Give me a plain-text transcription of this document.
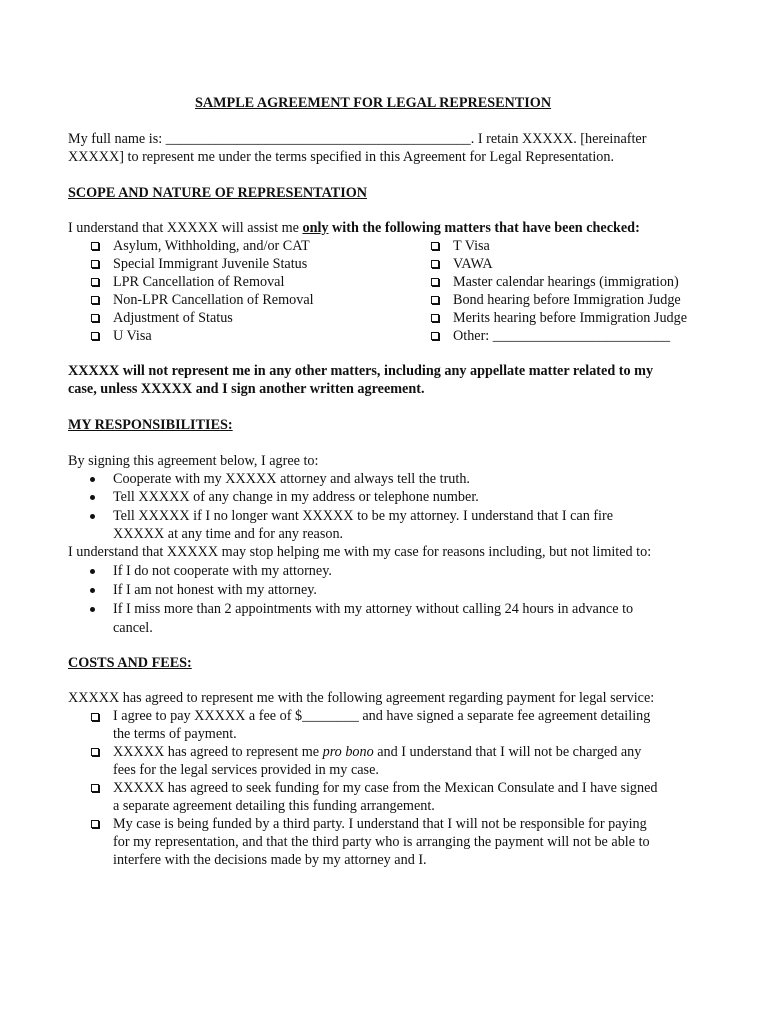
SAMPLE AGREEMENT FOR LEGAL REPRESENTION
My full name is: ___________________________________________. I retain XXXXX. [hereinafter
XXXXX] to represent me under the terms specified in this Agreement for Legal Representation.
SCOPE AND NATURE OF REPRESENTATION
I understand that XXXXX will assist me only with the following matters that have been checked:
Asylum, Withholding, and/or CAT
Special Immigrant Juvenile Status
LPR Cancellation of Removal
Non-LPR Cancellation of Removal
Adjustment of Status
U Visa
T Visa
VAWA
Master calendar hearings (immigration)
Bond hearing before Immigration Judge
Merits hearing before Immigration Judge
Other: _________________________
XXXXX will not represent me in any other matters, including any appellate matter related to my
case, unless XXXXX and I sign another written agreement.
MY RESPONSIBILITIES:
By signing this agreement below, I agree to:
Cooperate with my XXXXX attorney and always tell the truth.
Tell XXXXX of any change in my address or telephone number.
Tell XXXXX if I no longer want XXXXX to be my attorney. I understand that I can fire
XXXXX at any time and for any reason.
I understand that XXXXX may stop helping me with my case for reasons including, but not limited to:
If I do not cooperate with my attorney.
If I am not honest with my attorney.
If I miss more than 2 appointments with my attorney without calling 24 hours in advance to
cancel.
COSTS AND FEES:
XXXXX has agreed to represent me with the following agreement regarding payment for legal service:
I agree to pay XXXXX a fee of $________ and have signed a separate fee agreement detailing
the terms of payment.
XXXXX has agreed to represent me pro bono and I understand that I will not be charged any
fees for the legal services provided in my case.
XXXXX has agreed to seek funding for my case from the Mexican Consulate and I have signed
a separate agreement detailing this funding arrangement.
My case is being funded by a third party. I understand that I will not be responsible for paying
for my representation, and that the third party who is arranging the payment will not be able to
interfere with the decisions made by my attorney and I.
